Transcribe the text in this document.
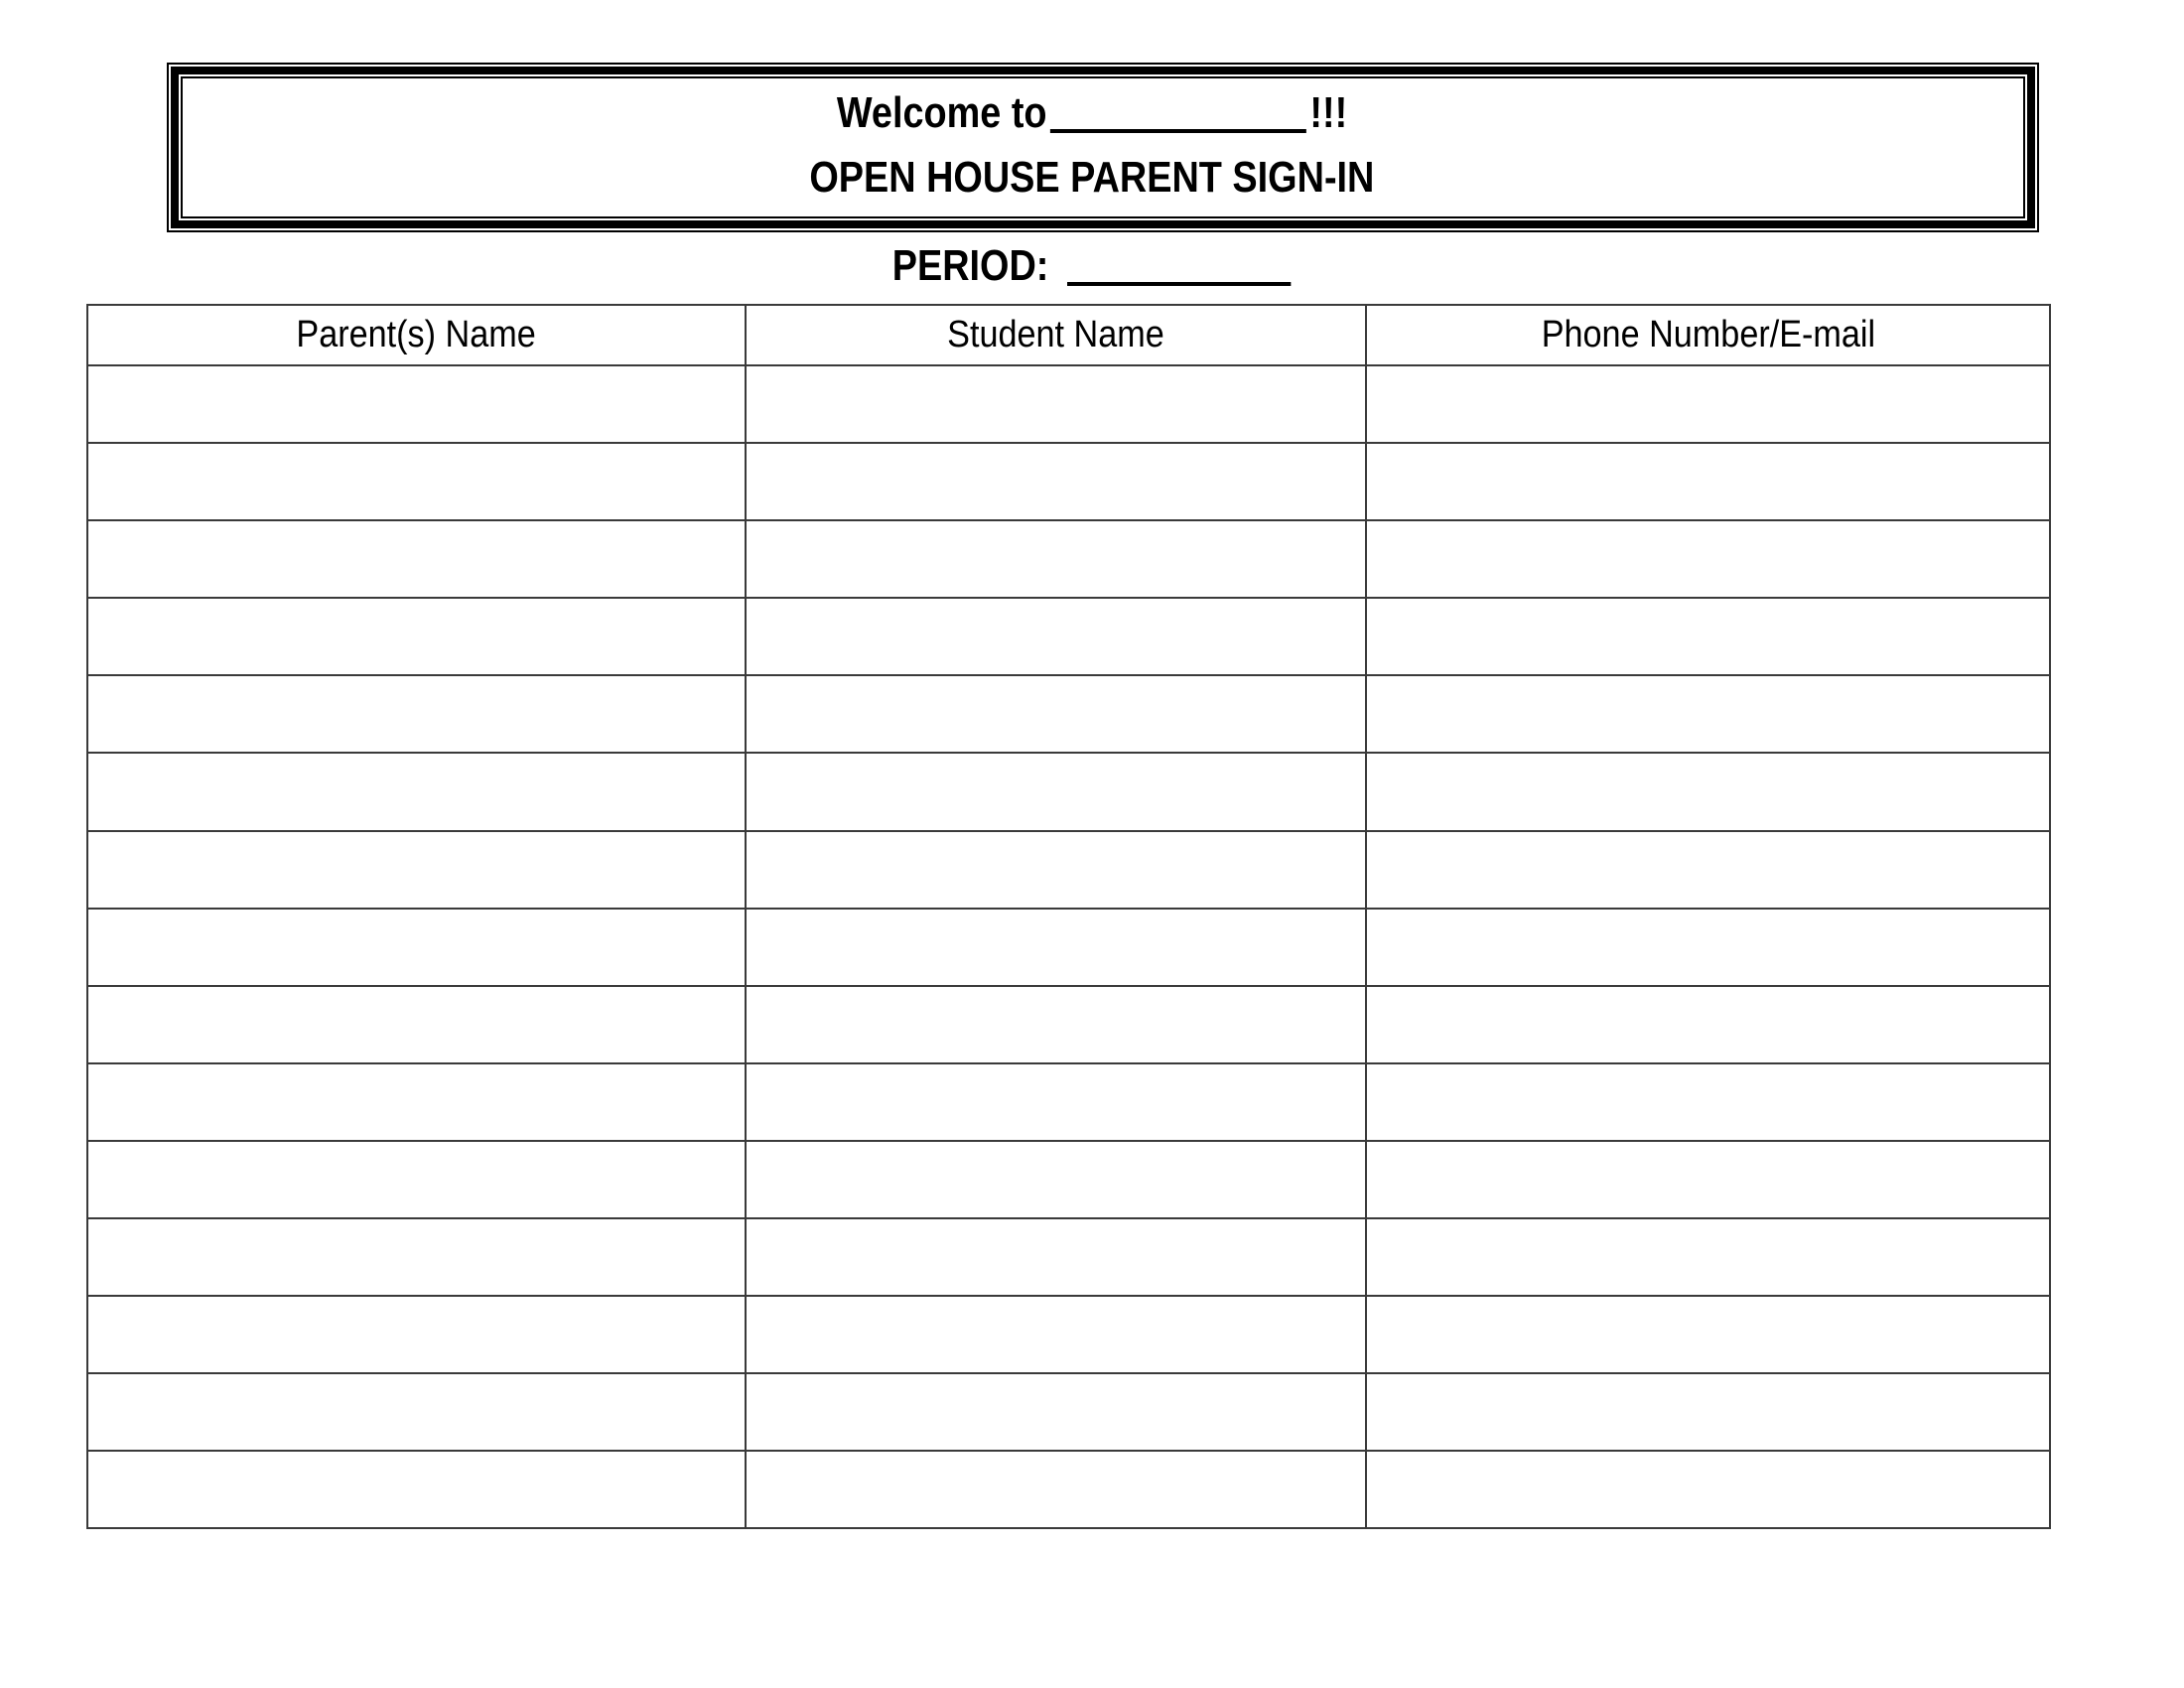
Welcome to	!!!
OPEN HOUSE PARENT SIGN-IN
PERIOD:
Parent(s) Name	Student Name	Phone Number/E-mail
